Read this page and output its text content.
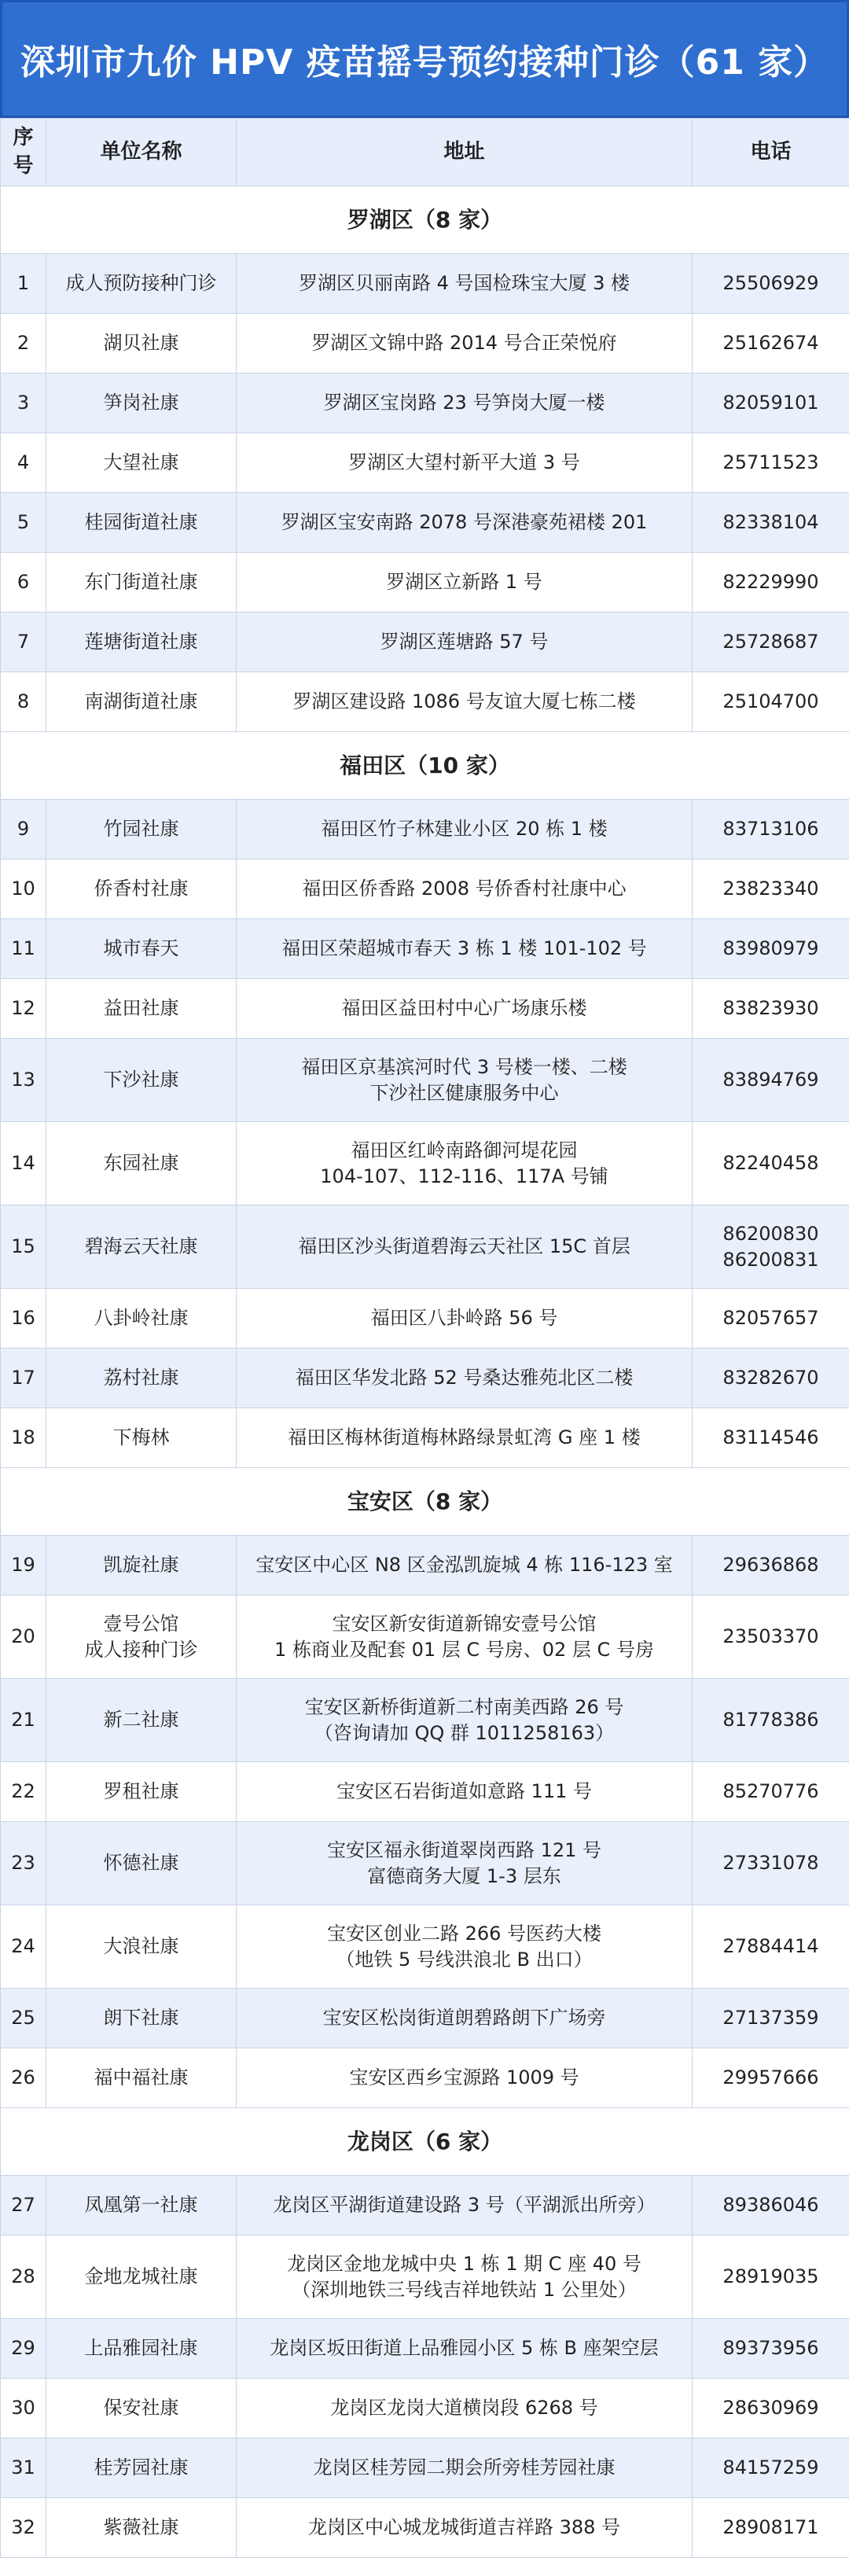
深圳市九价 HPV 疫苗摇号预约接种门诊（61 家）
序号	单位名称	地址	电话
罗湖区（8 家）			
1	成人预防接种门诊	罗湖区贝丽南路 4 号国检珠宝大厦 3 楼	25506929

2	湖贝社康	罗湖区文锦中路 2014 号合正荣悦府	25162674

3	笋岗社康	罗湖区宝岗路 23 号笋岗大厦一楼	82059101

4	大望社康	罗湖区大望村新平大道 3 号	25711523

5	桂园街道社康	罗湖区宝安南路 2078 号深港豪苑裙楼 201	82338104

6	东门街道社康	罗湖区立新路 1 号	82229990

7	莲塘街道社康	罗湖区莲塘路 57 号	25728687

8	南湖街道社康	罗湖区建设路 1086 号友谊大厦七栋二楼	25104700

福田区（10 家）			
9	竹园社康	福田区竹子林建业小区 20 栋 1 楼	83713106

10	侨香村社康	福田区侨香路 2008 号侨香村社康中心	23823340

11	城市春天	福田区荣超城市春天 3 栋 1 楼 101-102 号	83980979

12	益田社康	福田区益田村中心广场康乐楼	83823930

13	下沙社康	福田区京基滨河时代 3 号楼一楼、二楼
下沙社区健康服务中心	83894769

14	东园社康	福田区红岭南路御河堤花园
104-107、112-116、117A 号铺	82240458

15	碧海云天社康	福田区沙头街道碧海云天社区 15C 首层	86200830
86200831

16	八卦岭社康	福田区八卦岭路 56 号	82057657

17	荔村社康	福田区华发北路 52 号桑达雅苑北区二楼	83282670

18	下梅林	福田区梅林街道梅林路绿景虹湾 G 座 1 楼	83114546

宝安区（8 家）			
19	凯旋社康	宝安区中心区 N8 区金泓凯旋城 4 栋 116-123 室	29636868

20	壹号公馆
成人接种门诊	宝安区新安街道新锦安壹号公馆
1 栋商业及配套 01 层 C 号房、02 层 C 号房	23503370

21	新二社康	宝安区新桥街道新二村南美西路 26 号
（咨询请加 QQ 群 1011258163）	81778386

22	罗租社康	宝安区石岩街道如意路 111 号	85270776

23	怀德社康	宝安区福永街道翠岗西路 121 号
富德商务大厦 1-3 层东	27331078

24	大浪社康	宝安区创业二路 266 号医药大楼
（地铁 5 号线洪浪北 B 出口）	27884414

25	朗下社康	宝安区松岗街道朗碧路朗下广场旁	27137359

26	福中福社康	宝安区西乡宝源路 1009 号	29957666

龙岗区（6 家）			
27	凤凰第一社康	龙岗区平湖街道建设路 3 号（平湖派出所旁）	89386046

28	金地龙城社康	龙岗区金地龙城中央 1 栋 1 期 C 座 40 号
（深圳地铁三号线吉祥地铁站 1 公里处）	28919035

29	上品雅园社康	龙岗区坂田街道上品雅园小区 5 栋 B 座架空层	89373956

30	保安社康	龙岗区龙岗大道横岗段 6268 号	28630969

31	桂芳园社康	龙岗区桂芳园二期会所旁桂芳园社康	84157259

32	紫薇社康	龙岗区中心城龙城街道吉祥路 388 号	28908171
